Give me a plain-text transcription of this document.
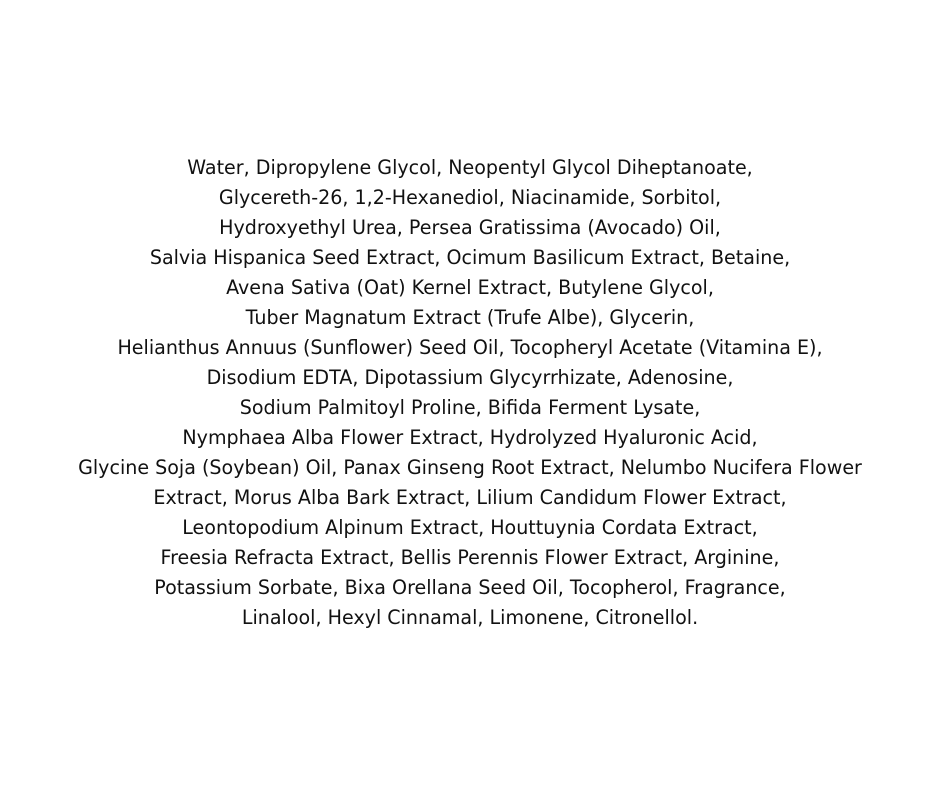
Water, Dipropylene Glycol, Neopentyl Glycol Diheptanoate,
Glycereth-26, 1,2-Hexanediol, Niacinamide, Sorbitol,
Hydroxyethyl Urea, Persea Gratissima (Avocado) Oil,
Salvia Hispanica Seed Extract, Ocimum Basilicum Extract, Betaine,
Avena Sativa (Oat) Kernel Extract, Butylene Glycol,
Tuber Magnatum Extract (Trufe Albe), Glycerin,
Helianthus Annuus (Sunflower) Seed Oil, Tocopheryl Acetate (Vitamina E),
Disodium EDTA, Dipotassium Glycyrrhizate, Adenosine,
Sodium Palmitoyl Proline, Bifida Ferment Lysate,
Nymphaea Alba Flower Extract, Hydrolyzed Hyaluronic Acid,
Glycine Soja (Soybean) Oil, Panax Ginseng Root Extract, Nelumbo Nucifera Flower
Extract, Morus Alba Bark Extract, Lilium Candidum Flower Extract,
Leontopodium Alpinum Extract, Houttuynia Cordata Extract,
Freesia Refracta Extract, Bellis Perennis Flower Extract, Arginine,
Potassium Sorbate, Bixa Orellana Seed Oil, Tocopherol, Fragrance,
Linalool, Hexyl Cinnamal, Limonene, Citronellol.
